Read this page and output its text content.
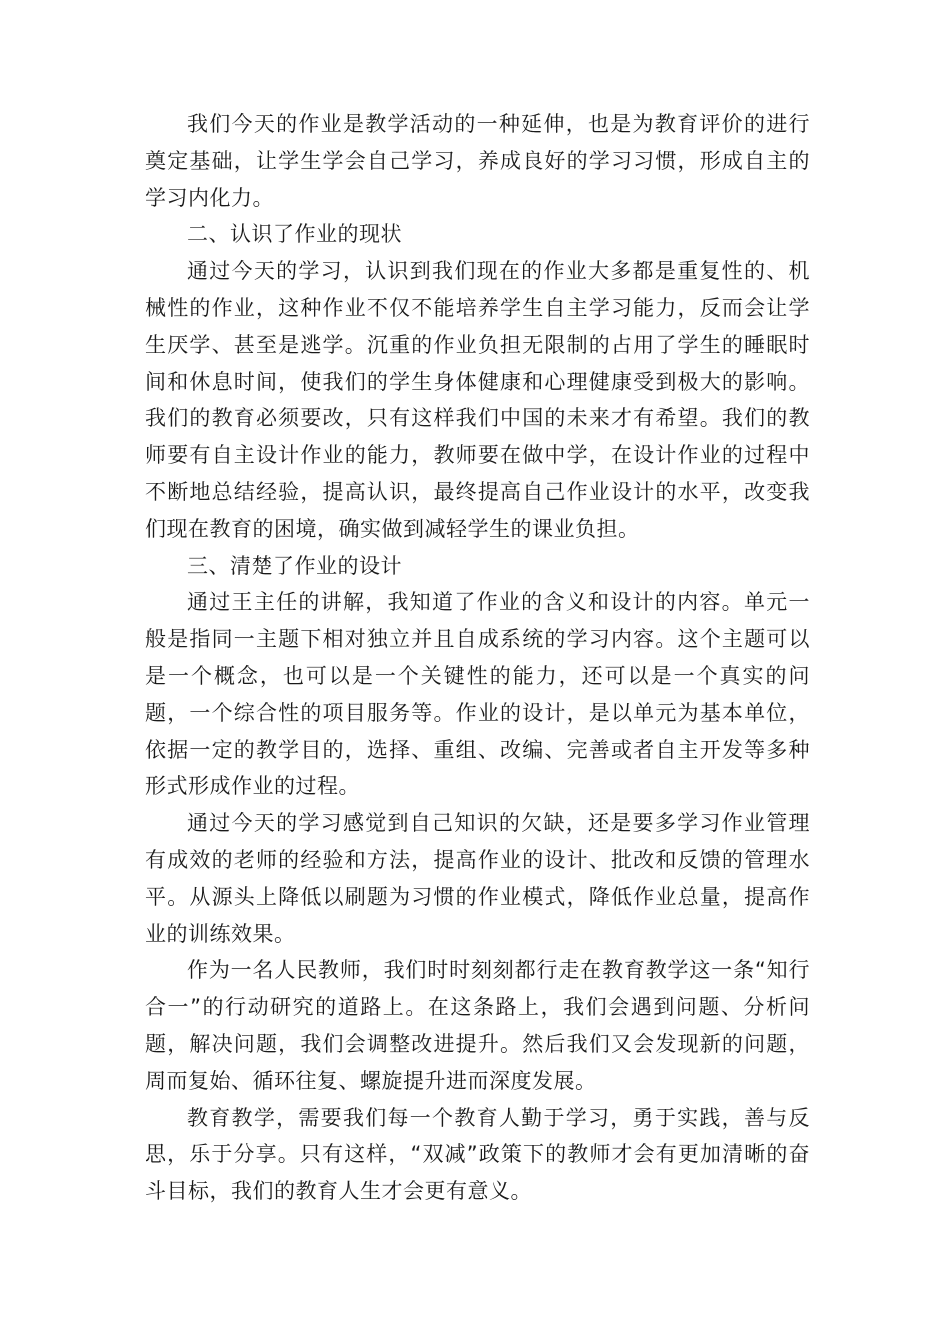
我们今天的作业是教学活动的一种延伸，也是为教育评价的进行奠定基础，让学生学会自己学习，养成良好的学习习惯，形成自主的学习内化力。

二、认识了作业的现状

通过今天的学习，认识到我们现在的作业大多都是重复性的、机械性的作业，这种作业不仅不能培养学生自主学习能力，反而会让学生厌学、甚至是逃学。沉重的作业负担无限制的占用了学生的睡眠时间和休息时间，使我们的学生身体健康和心理健康受到极大的影响。我们的教育必须要改，只有这样我们中国的未来才有希望。我们的教师要有自主设计作业的能力，教师要在做中学，在设计作业的过程中不断地总结经验，提高认识，最终提高自己作业设计的水平，改变我们现在教育的困境，确实做到减轻学生的课业负担。

三、清楚了作业的设计

通过王主任的讲解，我知道了作业的含义和设计的内容。单元一般是指同一主题下相对独立并且自成系统的学习内容。这个主题可以是一个概念，也可以是一个关键性的能力，还可以是一个真实的问题，一个综合性的项目服务等。作业的设计，是以单元为基本单位，依据一定的教学目的，选择、重组、改编、完善或者自主开发等多种形式形成作业的过程。

通过今天的学习感觉到自己知识的欠缺，还是要多学习作业管理有成效的老师的经验和方法，提高作业的设计、批改和反馈的管理水平。从源头上降低以刷题为习惯的作业模式，降低作业总量，提高作业的训练效果。

作为一名人民教师，我们时时刻刻都行走在教育教学这一条“知行合一”的行动研究的道路上。在这条路上，我们会遇到问题、分析问题，解决问题，我们会调整改进提升。然后我们又会发现新的问题，周而复始、循环往复、螺旋提升进而深度发展。

教育教学，需要我们每一个教育人勤于学习，勇于实践，善与反思，乐于分享。只有这样，“双减”政策下的教师才会有更加清晰的奋斗目标，我们的教育人生才会更有意义。
